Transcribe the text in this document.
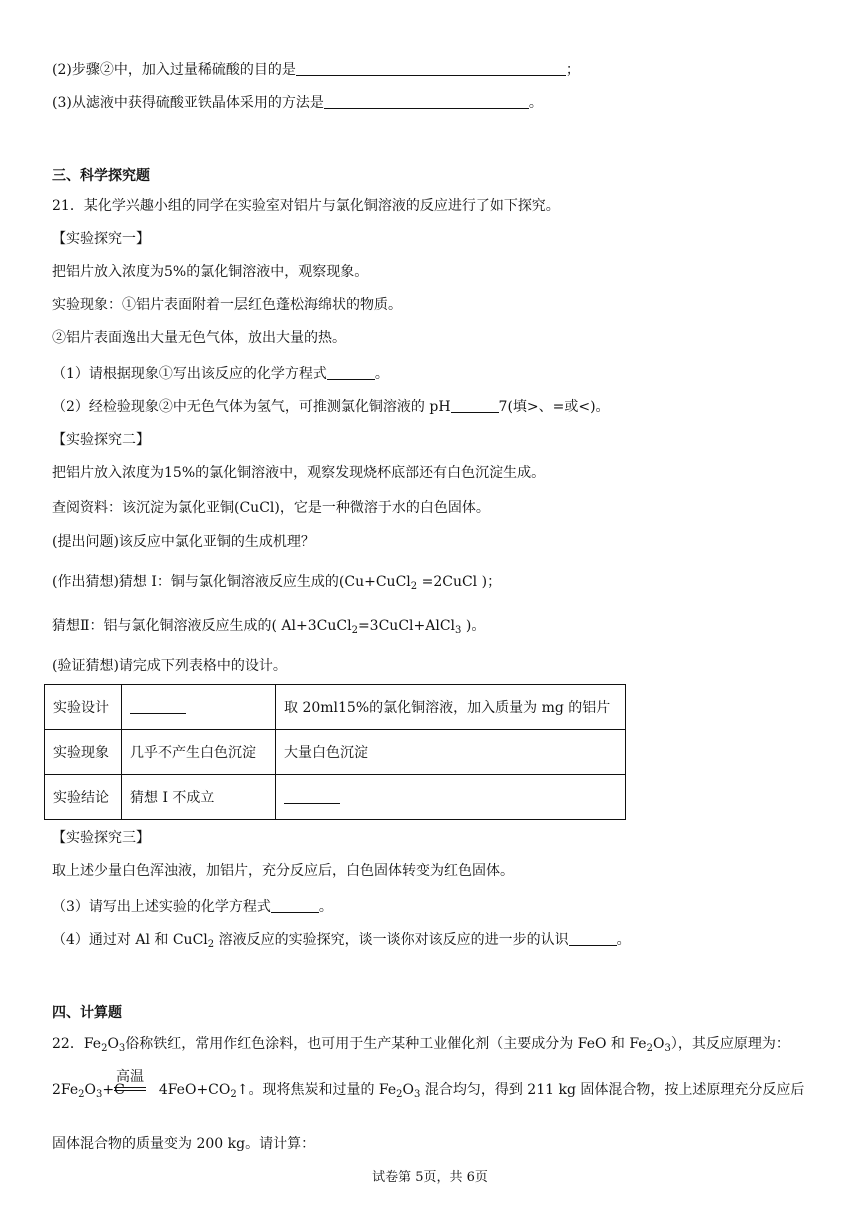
(2)步骤②中，加入过量稀硫酸的目的是	；
(3)从滤液中获得硫酸亚铁晶体采用的方法是	。
三、科学探究题
21．某化学兴趣小组的同学在实验室对铝片与氯化铜溶液的反应进行了如下探究。
【实验探究一】
把铝片放入浓度为5%的氯化铜溶液中，观察现象。
实验现象：①铝片表面附着一层红色蓬松海绵状的物质。
②铝片表面逸出大量无色气体，放出大量的热。
（1）请根据现象①写出该反应的化学方程式	。
（2）经检验现象②中无色气体为氢气，可推测氯化铜溶液的 pH	7(填>、=或<)。
【实验探究二】
把铝片放入浓度为15%的氯化铜溶液中，观察发现烧杯底部还有白色沉淀生成。
查阅资料：该沉淀为氯化亚铜(CuCl)，它是一种微溶于水的白色固体。
(提出问题)该反应中氯化亚铜的生成机理？
(作出猜想)猜想 I：铜与氯化铜溶液反应生成的(Cu+CuCl$_2$ =2CuCl )；
猜想Ⅱ：铝与氯化铜溶液反应生成的( Al+3CuCl$_2$=3CuCl+AlCl$_3$ )。
(验证猜想)请完成下列表格中的设计。
实验设计		取 20ml15%的氯化铜溶液，加入质量为 mg 的铝片
实验现象	几乎不产生白色沉淀	大量白色沉淀
实验结论	猜想 I 不成立	
【实验探究三】
取上述少量白色浑浊液，加铝片，充分反应后，白色固体转变为红色固体。
（3）请写出上述实验的化学方程式	。
（4）通过对 Al 和 CuCl$_2$ 溶液反应的实验探究，谈一谈你对该反应的进一步的认识	。
四、计算题
22．$Fe_2O_3$俗称铁红，常用作红色涂料，也可用于生产某种工业催化剂（主要成分为 FeO 和 $Fe_2O_3$），其反应原理为：
高温
$2Fe_2O_3+C$ $4FeO+CO_2↑$。现将焦炭和过量的 $Fe_2O_3$ 混合均匀，得到 211 kg 固体混合物，按上述原理充分反应后
固体混合物的质量变为 200 kg。请计算：
试卷第 5页，共 6页
